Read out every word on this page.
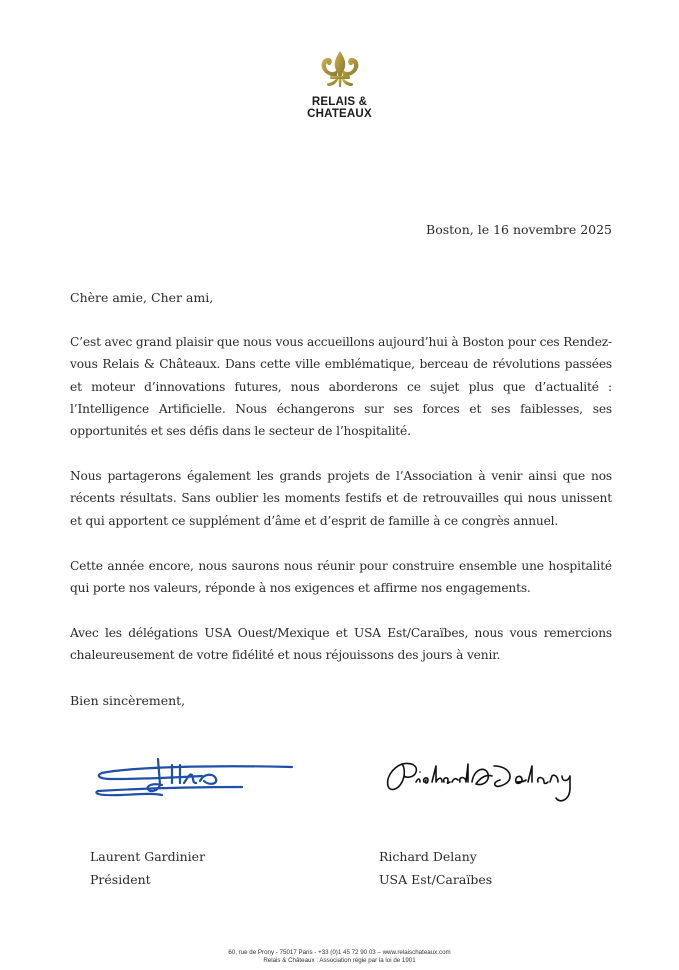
RELAIS &
CHATEAUX
Boston, le 16 novembre 2025
Chère amie, Cher ami,

C’est avec grand plaisir que nous vous accueillons aujourd’hui à Boston pour ces Rendez-vous Relais & Châteaux. Dans cette ville emblématique, berceau de révolutions passées et moteur d’innovations futures, nous aborderons ce sujet plus que d’actualité : l’Intelligence Artificielle. Nous échangerons sur ses forces et ses faiblesses, ses opportunités et ses défis dans le secteur de l’hospitalité.

Nous partagerons également les grands projets de l’Association à venir ainsi que nos récents résultats. Sans oublier les moments festifs et de retrouvailles qui nous unissent et qui apportent ce supplément d’âme et d’esprit de famille à ce congrès annuel.

Cette année encore, nous saurons nous réunir pour construire ensemble une hospitalité qui porte nos valeurs, réponde à nos exigences et affirme nos engagements.

Avec les délégations USA Ouest/Mexique et USA Est/Caraïbes, nous vous remercions chaleureusement de votre fidélité et nous réjouissons des jours à venir.

Bien sincèrement,
Laurent Gardinier
Président
Richard Delany
USA Est/Caraïbes
60, rue de Prony - 75017 Paris - +33 (0)1 45 72 90 03 – www.relaischateaux.com
Relais & Châteaux : Association régie par la loi de 1901
